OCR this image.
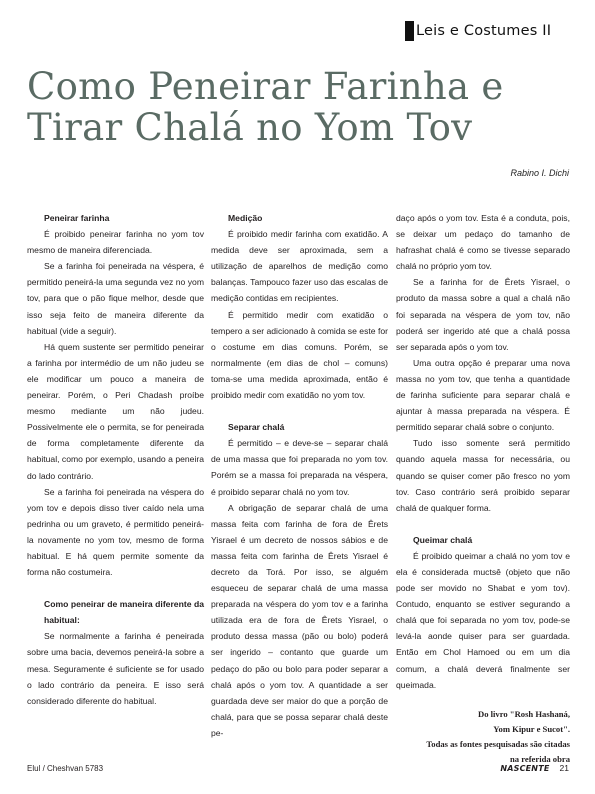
Leis e Costumes II
Como Peneirar Farinha e
Tirar Chalá no Yom Tov
Rabino I. Dichi
Peneirar farinha

É proibido peneirar farinha no yom tov mesmo de maneira diferenciada.

Se a farinha foi peneirada na véspera, é permitido peneirá-la uma segunda vez no yom tov, para que o pão fique melhor, desde que isso seja feito de maneira diferente da habitual (vide a seguir).

Há quem sustente ser permitido peneirar a farinha por intermédio de um não judeu se ele modificar um pouco a maneira de peneirar. Porém, o Peri Chadash proíbe mesmo mediante um não judeu. Possivelmente ele o permita, se for peneirada de forma completamente diferente da habitual, como por exemplo, usando a peneira do lado contrário.

Se a farinha foi peneirada na véspera do yom tov e depois disso tiver caído nela uma pedrinha ou um graveto, é permitido peneirá-la novamente no yom tov, mesmo de forma habitual. E há quem permite somente da forma não costumeira.

Como peneirar de maneira diferente da habitual:

Se normalmente a farinha é peneirada sobre uma bacia, devemos peneirá-la sobre a mesa. Seguramente é suficiente se for usado o lado contrário da peneira. E isso será considerado diferente do habitual.

Medição

É proibido medir farinha com exatidão. A medida deve ser aproximada, sem a utilização de aparelhos de medição como balanças. Tampouco fazer uso das escalas de medição contidas em recipientes.

É permitido medir com exatidão o tempero a ser adicionado à comida se este for o costume em dias comuns. Porém, se normalmente (em dias de chol – comuns) toma-se uma medida aproximada, então é proibido medir com exatidão no yom tov.

Separar chalá

É permitido – e deve-se – separar chalá de uma massa que foi preparada no yom tov. Porém se a massa foi preparada na véspera, é proibido separar chalá no yom tov.

A obrigação de separar chalá de uma massa feita com farinha de fora de Êrets Yisrael é um decreto de nossos sábios e de massa feita com farinha de Êrets Yisrael é decreto da Torá. Por isso, se alguém esqueceu de separar chalá de uma massa preparada na véspera do yom tov e a farinha utilizada era de fora de Êrets Yisrael, o produto dessa massa (pão ou bolo) poderá ser ingerido – contanto que guarde um pedaço do pão ou bolo para poder separar a chalá após o yom tov. A quantidade a ser guardada deve ser maior do que a porção de chalá, para que se possa separar chalá deste pe-

daço após o yom tov. Esta é a conduta, pois, se deixar um pedaço do tamanho de hafrashat chalá é como se tivesse separado chalá no próprio yom tov.

Se a farinha for de Êrets Yisrael, o produto da massa sobre a qual a chalá não foi separada na véspera de yom tov, não poderá ser ingerido até que a chalá possa ser separada após o yom tov.

Uma outra opção é preparar uma nova massa no yom tov, que tenha a quantidade de farinha suficiente para separar chalá e ajuntar à massa preparada na véspera. É permitido separar chalá sobre o conjunto.

Tudo isso somente será permitido quando aquela massa for necessária, ou quando se quiser comer pão fresco no yom tov. Caso contrário será proibido separar chalá de qualquer forma.

Queimar chalá

É proibido queimar a chalá no yom tov e ela é considerada muctsê (objeto que não pode ser movido no Shabat e yom tov). Contudo, enquanto se estiver segurando a chalá que foi separada no yom tov, pode-se levá-la aonde quiser para ser guardada. Então em Chol Hamoed ou em um dia comum, a chalá deverá finalmente ser queimada.

Do livro "Rosh Hashaná,
Yom Kipur e Sucot".
Todas as fontes pesquisadas são citadas
na referida obra
Elul / Cheshvan 5783	NASCENTE 21
